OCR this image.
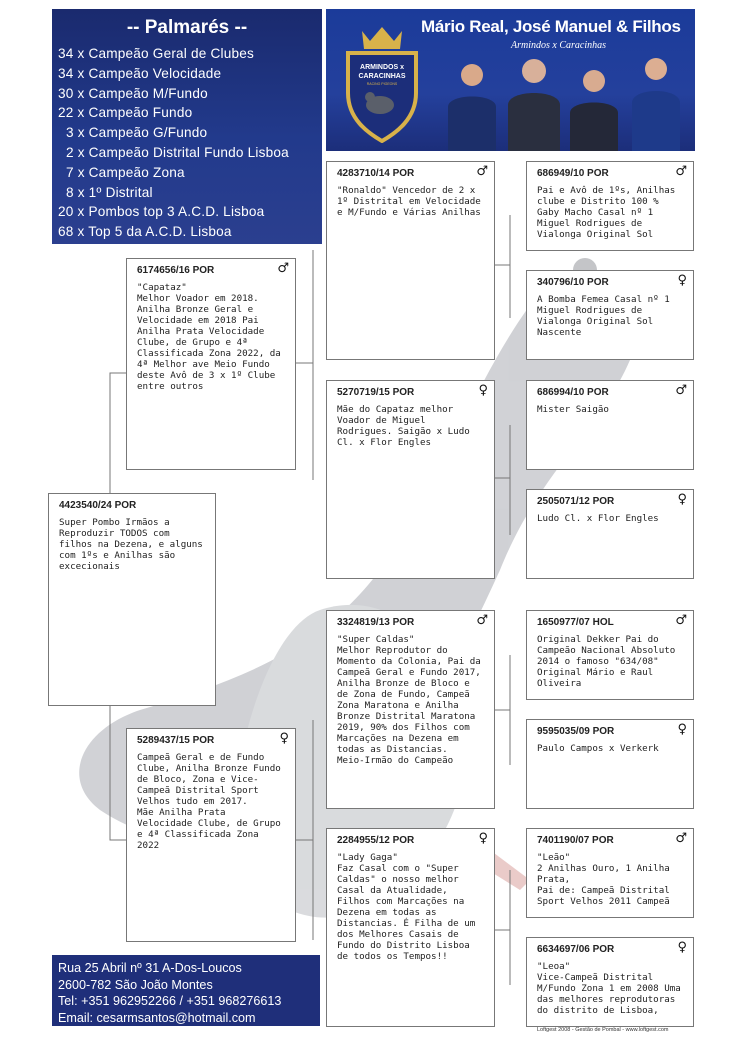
-- Palmarés --
34 x Campeão Geral de Clubes
34 x Campeão Velocidade
30 x Campeão M/Fundo
22 x Campeão Fundo
3 x Campeão G/Fundo
2 x Campeão Distrital Fundo Lisboa
7 x Campeão Zona
8 x 1º Distrital
20 x Pombos top 3 A.C.D. Lisboa
68 x Top 5 da A.C.D. Lisboa
Mário Real, José Manuel & Filhos
Armindos x Caracinhas
ARMINDOS x
CARACINHAS
RACING PIGEONS
4423540/24 POR
Super Pombo Irmãos a Reproduzir TODOS com filhos na Dezena, e alguns com 1ºs e Anilhas são excecionais
6174656/16 POR	♂
"Capataz"
Melhor Voador em 2018. Anilha Bronze Geral e Velocidade em 2018 Pai Anilha Prata Velocidade Clube, de Grupo e 4ª Classificada Zona 2022, da 4ª Melhor ave Meio Fundo deste Avô de 3 x 1º Clube entre outros
5289437/15 POR	♀
Campeã Geral e de Fundo Clube, Anilha Bronze Fundo de Bloco, Zona e Vice-Campeã Distrital Sport Velhos tudo em 2017.
Mãe Anilha Prata Velocidade Clube, de Grupo e 4ª Classificada Zona 2022
4283710/14 POR	♂
"Ronaldo" Vencedor de 2 x 1º Distrital em Velocidade e M/Fundo e Várias Anilhas
5270719/15 POR	♀
Mãe do Capataz melhor Voador de Miguel Rodrigues. Saigão x Ludo Cl. x Flor Engles
3324819/13 POR	♂
"Super Caldas"
Melhor Reprodutor do Momento da Colonia, Pai da Campeã Geral e Fundo 2017, Anilha Bronze de Bloco e de Zona de Fundo, Campeã Zona Maratona e Anilha Bronze Distrital Maratona 2019, 90% dos Filhos com Marcações na Dezena em todas as Distancias.
Meio-Irmão do Campeão
2284955/12 POR	♀
"Lady Gaga"
Faz Casal com o "Super Caldas" o nosso melhor Casal da Atualidade, Filhos com Marcações na Dezena em todas as Distancias. É Filha de um dos Melhores Casais de Fundo do Distrito Lisboa de todos os Tempos!!
686949/10 POR	♂
Pai e Avô de 1ºs, Anilhas clube e Distrito 100 % Gaby Macho Casal nº 1 Miguel Rodrigues de Vialonga Original Sol
340796/10 POR	♀
A Bomba Femea Casal nº 1 Miguel Rodrigues de Vialonga Original Sol Nascente
686994/10 POR	♂
Mister Saigão
2505071/12 POR	♀
Ludo Cl. x Flor Engles
1650977/07 HOL	♂
Original Dekker Pai do Campeão Nacional Absoluto 2014 o famoso "634/08" Original Mário e Raul Oliveira
9595035/09 POR	♀
Paulo Campos x Verkerk
7401190/07 POR	♂
"Leão"
2 Anilhas Ouro, 1 Anilha Prata,
Pai de: Campeã Distrital Sport Velhos 2011 Campeã
6634697/06 POR	♀
"Leoa"
Vice-Campeã Distrital M/Fundo Zona 1 em 2008 Uma das melhores reprodutoras do distrito de Lisboa,
Rua 25 Abril nº 31 A-Dos-Loucos
2600-782 São João Montes
Tel: +351 962952266 / +351 968276613
Email: cesarmsantos@hotmail.com
Loftgest 2008 - Gestão de Pombal - www.loftgest.com
